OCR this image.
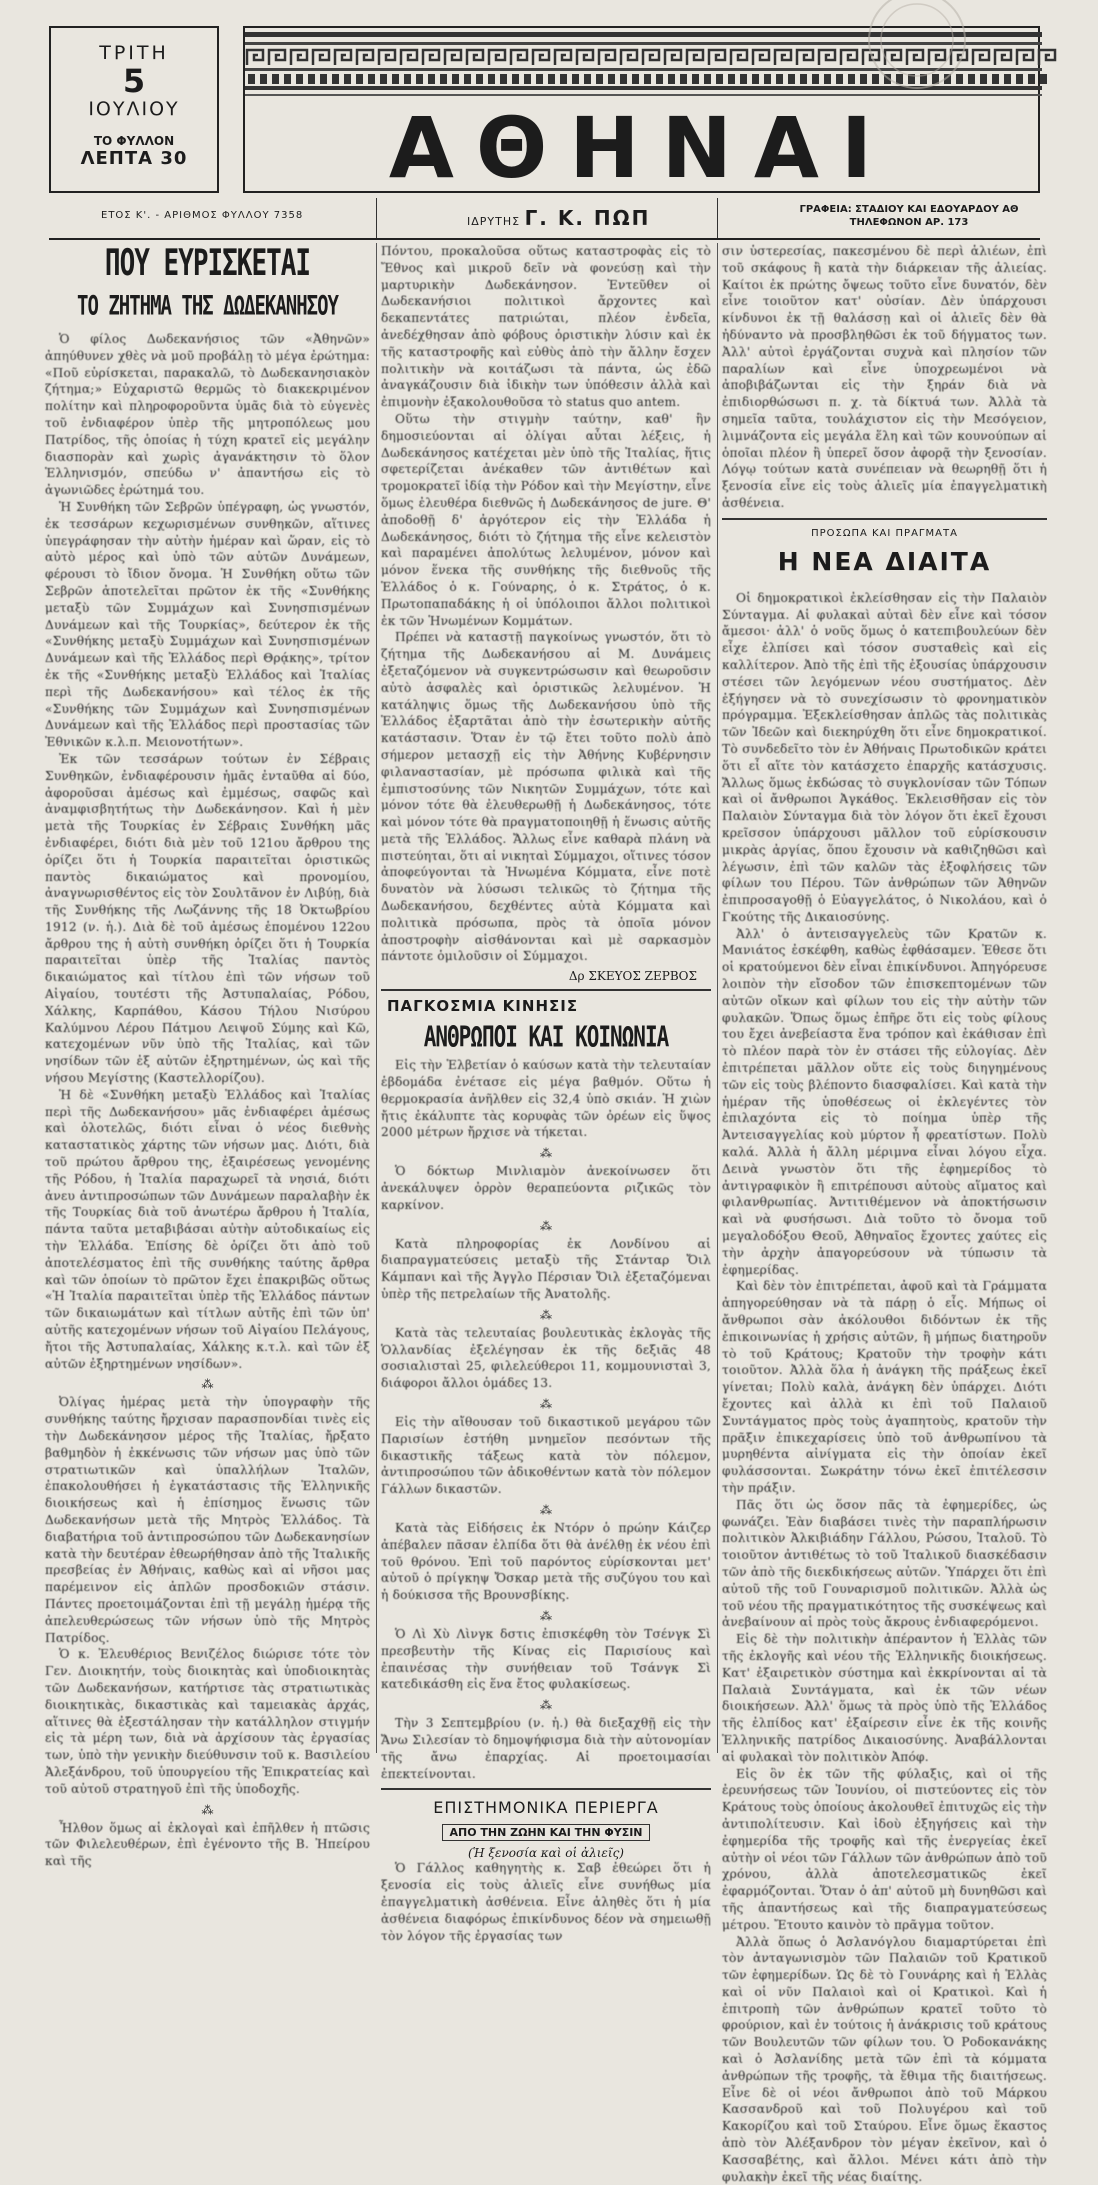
ΤΡΙΤΗ
5
ΙΟΥΛΙΟΥ
ΤΟ ΦΥΛΛΟΝ
ΛΕΠΤΑ 30	ΑΘΗΝΑΙ
ΕΤΟΣ Κ'. - ΑΡΙΘΜΟΣ ΦΥΛΛΟΥ 7358	ΙΔΡΥΤΗΣ Γ. Κ. ΠΩΠ	ΓΡΑΦΕΙΑ: ΣΤΑΔΙΟΥ ΚΑΙ ΕΔΟΥΑΡΔΟΥ ΑΘ
ΤΗΛΕΦΩΝΟΝ ΑΡ. 173
ΠΟΥ ΕΥΡΙΣΚΕΤΑΙ
ΤΟ ΖΗΤΗΜΑ ΤΗΣ ΔΩΔΕΚΑΝΗΣΟΥ

Ὁ φίλος Δωδεκανήσιος τῶν «Ἀθηνῶν» ἀπηύθυνεν χθὲς νὰ μοῦ προβάλῃ τὸ μέγα ἐρώτημα: «Ποῦ εὑρίσκεται, παρακαλῶ, τὸ Δωδεκανησιακὸν ζήτημα;» Εὐχαριστῶ θερμῶς τὸ διακεκριμένον πολίτην καὶ πληροφοροῦντα ὑμᾶς διὰ τὸ εὐγενὲς τοῦ ἐνδιαφέρον ὑπὲρ τῆς μητροπόλεως μου Πατρίδος, τῆς ὁποίας ἡ τύχη κρατεῖ εἰς μεγάλην διασπορὰν καὶ χωρὶς ἀγανάκτησιν τὸ ὅλον Ἑλληνισμόν, σπεύδω ν' ἀπαντήσω εἰς τὸ ἀγωνιῶδες ἐρώτημά του.

Ἡ Συνθήκη τῶν Σεβρῶν ὑπέγραφη, ὡς γνωστόν, ἐκ τεσσάρων κεχωρισμένων συνθηκῶν, αἵτινες ὑπεγράφησαν τὴν αὐτὴν ἡμέραν καὶ ὥραν, εἰς τὸ αὐτὸ μέρος καὶ ὑπὸ τῶν αὐτῶν Δυνάμεων, φέρουσι τὸ ἴδιον ὄνομα. Ἡ Συνθήκη οὕτω τῶν Σεβρῶν ἀποτελεῖται πρῶτον ἐκ τῆς «Συνθήκης μεταξὺ τῶν Συμμάχων καὶ Συνησπισμένων Δυνάμεων καὶ τῆς Τουρκίας», δεύτερον ἐκ τῆς «Συνθήκης μεταξὺ Συμμάχων καὶ Συνησπισμένων Δυνάμεων καὶ τῆς Ἑλλάδος περὶ Θρᾴκης», τρίτον ἐκ τῆς «Συνθήκης μεταξὺ Ἑλλάδος καὶ Ἰταλίας περὶ τῆς Δωδεκανήσου» καὶ τέλος ἐκ τῆς «Συνθήκης τῶν Συμμάχων καὶ Συνησπισμένων Δυνάμεων καὶ τῆς Ἑλλάδος περὶ προστασίας τῶν Ἐθνικῶν κ.λ.π. Μειονοτήτων».

Ἐκ τῶν τεσσάρων τούτων ἐν Σέβραις Συνθηκῶν, ἐνδιαφέρουσιν ἡμᾶς ἐνταῦθα αἱ δύο, ἀφοροῦσαι ἀμέσως καὶ ἐμμέσως, σαφῶς καὶ ἀναμφισβητήτως τὴν Δωδεκάνησον. Καὶ ἡ μὲν μετὰ τῆς Τουρκίας ἐν Σέβραις Συνθήκη μᾶς ἐνδιαφέρει, διότι διὰ μὲν τοῦ 121ου ἄρθρου της ὁρίζει ὅτι ἡ Τουρκία παραιτεῖται ὁριστικῶς παντὸς δικαιώματος καὶ προνομίου, ἀναγνωρισθέντος εἰς τὸν Σουλτᾶνον ἐν Λιβύῃ, διὰ τῆς Συνθήκης τῆς Λωζάννης τῆς 18 Ὀκτωβρίου 1912 (ν. ἡ.). Διὰ δὲ τοῦ ἀμέσως ἑπομένου 122ου ἄρθρου της ἡ αὐτὴ συνθήκη ὁρίζει ὅτι ἡ Τουρκία παραιτεῖται ὑπὲρ τῆς Ἰταλίας παντὸς δικαιώματος καὶ τίτλου ἐπὶ τῶν νήσων τοῦ Αἰγαίου, τουτέστι τῆς Ἀστυπαλαίας, Ρόδου, Χάλκης, Καρπάθου, Κάσου Τήλου Νισύρου Καλύμνου Λέρου Πάτμου Λειψοῦ Σύμης καὶ Κῶ, κατεχομένων νῦν ὑπὸ τῆς Ἰταλίας, καὶ τῶν νησίδων τῶν ἐξ αὐτῶν ἐξηρτημένων, ὡς καὶ τῆς νήσου Μεγίστης (Καστελλορίζου).

Ἡ δὲ «Συνθήκη μεταξὺ Ἑλλάδος καὶ Ἰταλίας περὶ τῆς Δωδεκανήσου» μᾶς ἐνδιαφέρει ἀμέσως καὶ ὁλοτελῶς, διότι εἶναι ὁ νέος διεθνὴς καταστατικὸς χάρτης τῶν νήσων μας. Διότι, διὰ τοῦ πρώτου ἄρθρου της, ἐξαιρέσεως γενομένης τῆς Ρόδου, ἡ Ἰταλία παραχωρεῖ τὰ νησιά, διότι ἀνευ ἀντιπροσώπων τῶν Δυνάμεων παραλαβὴν ἐκ τῆς Τουρκίας διὰ τοῦ ἀνωτέρω ἄρθρου ἡ Ἰταλία, πάντα ταῦτα μεταβιβάσαι αὐτὴν αὐτοδικαίως εἰς τὴν Ἑλλάδα. Ἐπίσης δὲ ὁρίζει ὅτι ἀπὸ τοῦ ἀποτελέσματος ἐπὶ τῆς συνθήκης ταύτης ἄρθρα καὶ τῶν ὁποίων τὸ πρῶτον ἔχει ἐπακριβῶς οὕτως «Ἡ Ἰταλία παραιτεῖται ὑπὲρ τῆς Ἑλλάδος πάντων τῶν δικαιωμάτων καὶ τίτλων αὐτῆς ἐπὶ τῶν ὑπ' αὐτῆς κατεχομένων νήσων τοῦ Αἰγαίου Πελάγους, ἤτοι τῆς Ἀστυπαλαίας, Χάλκης κ.τ.λ. καὶ τῶν ἐξ αὐτῶν ἐξηρτημένων νησίδων».

⁂

Ὀλίγας ἡμέρας μετὰ τὴν ὑπογραφὴν τῆς συνθήκης ταύτης ἤρχισαν παρασπονδίαι τινὲς εἰς τὴν Δωδεκάνησον μέρος τῆς Ἰταλίας, ἤρξατο βαθμηδὸν ἡ ἐκκένωσις τῶν νήσων μας ὑπὸ τῶν στρατιωτικῶν καὶ ὑπαλλήλων Ἰταλῶν, ἐπακολουθήσει ἡ ἐγκατάστασις τῆς Ἑλληνικῆς διοικήσεως καὶ ἡ ἐπίσημος ἕνωσις τῶν Δωδεκανήσων μετὰ τῆς Μητρὸς Ἑλλάδος. Τὰ διαβατήρια τοῦ ἀντιπροσώπου τῶν Δωδεκανησίων κατὰ τὴν δευτέραν ἐθεωρήθησαν ἀπὸ τῆς Ἰταλικῆς πρεσβείας ἐν Ἀθήναις, καθὼς καὶ αἱ νῆσοι μας παρέμεινον εἰς ἀπλῶν προσδοκιῶν στάσιν. Πάντες προετοιμάζονται ἐπὶ τῇ μεγάλῃ ἡμέρᾳ τῆς ἀπελευθερώσεως τῶν νήσων ὑπὸ τῆς Μητρὸς Πατρίδος.

Ὁ κ. Ἐλευθέριος Βενιζέλος διώρισε τότε τὸν Γεν. Διοικητήν, τοὺς διοικητὰς καὶ ὑποδιοικητὰς τῶν Δωδεκανήσων, κατήρτισε τὰς στρατιωτικὰς διοικητικὰς, δικαστικὰς καὶ ταμειακὰς ἀρχάς, αἵτινες θὰ ἐξεστάλησαν τὴν κατάλληλον στιγμήν εἰς τὰ μέρη των, διὰ νὰ ἀρχίσουν τὰς ἐργασίας των, ὑπὸ τὴν γενικὴν διεύθυνσιν τοῦ κ. Βασιλείου Ἀλεξάνδρου, τοῦ ὑπουργείου τῆς Ἐπικρατείας καὶ τοῦ αὐτοῦ στρατηγοῦ ἐπὶ τῆς ὑποδοχῆς.

⁂

Ἦλθον ὅμως αἱ ἐκλογαὶ καὶ ἐπῆλθεν ἡ πτῶσις τῶν Φιλελευθέρων, ἐπὶ ἐγένοντο τῆς Β. Ἠπείρου καὶ τῆς

Πόντου, προκαλοῦσα οὕτως καταστροφὰς εἰς τὸ Ἔθνος καὶ μικροῦ δεῖν νὰ φονεύσῃ καὶ τὴν μαρτυρικὴν Δωδεκάνησον. Ἐντεῦθεν οἱ Δωδεκανήσιοι πολιτικοὶ ἄρχοντες καὶ δεκαπεντάτες πατριώται, πλέον ἐνδεῖα, ἀνεδέχθησαν ἀπὸ φόβους ὁριστικὴν λύσιν καὶ ἐκ τῆς καταστροφῆς καὶ εὐθὺς ἀπὸ τὴν ἄλλην ἔσχεν πολιτικὴν νὰ κοιτάζωσι τὰ πάντα, ὡς ἐδῶ ἀναγκάζουσιν διὰ ἰδικὴν των ὑπόθεσιν ἀλλὰ καὶ ἐπιμονὴν ἐξακολουθοῦσα τὸ status quo antem.

Οὕτω τὴν στιγμὴν ταύτην, καθ' ἣν δημοσιεύονται αἱ ὀλίγαι αὗται λέξεις, ἡ Δωδεκάνησος κατέχεται μὲν ὑπὸ τῆς Ἰταλίας, ἥτις σφετερίζεται ἀνέκαθεν τῶν ἀντιθέτων καὶ τρομοκρατεῖ ἰδίᾳ τὴν Ρόδον καὶ τὴν Μεγίστην, εἶνε ὅμως ἐλευθέρα διεθνῶς ἡ Δωδεκάνησος de jure. Θ' ἀποδοθῇ δ' ἀργότερον εἰς τὴν Ἑλλάδα ἡ Δωδεκάνησος, διότι τὸ ζήτημα τῆς εἶνε κελειστὸν καὶ παραμένει ἀπολύτως λελυμένον, μόνον καὶ μόνον ἕνεκα τῆς συνθήκης τῆς διεθνοῦς τῆς Ἑλλάδος ὁ κ. Γούναρης, ὁ κ. Στράτος, ὁ κ. Πρωτοπαπαδάκης ἡ οἱ ὑπόλοιποι ἄλλοι πολιτικοὶ ἐκ τῶν Ἡνωμένων Κομμάτων.

Πρέπει νὰ καταστῇ παγκοίνως γνωστόν, ὅτι τὸ ζήτημα τῆς Δωδεκανήσου αἱ Μ. Δυνάμεις ἐξεταζόμενον νὰ συγκεντρώσωσιν καὶ θεωροῦσιν αὐτὸ ἀσφαλὲς καὶ ὁριστικῶς λελυμένον. Ἡ κατάληψις ὅμως τῆς Δωδεκανήσου ὑπὸ τῆς Ἑλλάδος ἐξαρτᾶται ἀπὸ τὴν ἐσωτερικὴν αὐτῆς κατάστασιν. Ὅταν ἐν τῷ ἔτει τοῦτο πολὺ ἀπὸ σήμερον μετασχῇ εἰς τὴν Ἀθήνης Κυβέρνησιν φιλαναστασίαν, μὲ πρόσωπα φιλικὰ καὶ τῆς ἐμπιστοσύνης τῶν Νικητῶν Συμμάχων, τότε καὶ μόνον τότε θὰ ἐλευθερωθῇ ἡ Δωδεκάνησος, τότε καὶ μόνον τότε θὰ πραγματοποιηθῇ ἡ ἕνωσις αὐτῆς μετὰ τῆς Ἑλλάδος. Ἄλλως εἶνε καθαρὰ πλάνη νὰ πιστεύηται, ὅτι αἱ νικηταὶ Σύμμαχοι, οἵτινες τόσον ἀποφεύγονται τὰ Ἡνωμένα Κόμματα, εἶνε ποτὲ δυνατὸν νὰ λύσωσι τελικῶς τὸ ζήτημα τῆς Δωδεκανήσου, δεχθέντες αὐτὰ Κόμματα καὶ πολιτικὰ πρόσωπα, πρὸς τὰ ὁποῖα μόνον ἀποστροφὴν αἰσθάνονται καὶ μὲ σαρκασμὸν πάντοτε ὁμιλοῦσιν οἱ Σύμμαχοι.

Δρ ΣΚΕΥΟΣ ΖΕΡΒΟΣ
ΠΑΓΚΟΣΜΙΑ ΚΙΝΗΣΙΣ
ΑΝΘΡΩΠΟΙ ΚΑΙ ΚΟΙΝΩΝΙΑ

Εἰς τὴν Ἑλβετίαν ὁ καύσων κατὰ τὴν τελευταίαν ἑβδομάδα ἐνέτασε εἰς μέγα βαθμόν. Οὕτω ἡ θερμοκρασία ἀνῆλθεν εἰς 32,4 ὑπὸ σκιάν. Ἡ χιὼν ἤτις ἐκάλυπτε τὰς κορυφὰς τῶν ὀρέων εἰς ὕψος 2000 μέτρων ἤρχισε νὰ τήκεται.

⁂

Ὁ δόκτωρ Μινλιαμὸν ἀνεκοίνωσεν ὅτι ἀνεκάλυψεν ὀρρὸν θεραπεύοντα ριζικῶς τὸν καρκίνον.

⁂

Κατὰ πληροφορίας ἐκ Λονδίνου αἱ διαπραγματεύσεις μεταξὺ τῆς Στάνταρ Ὄιλ Κάμπανι καὶ τῆς Ἀγγλο Πέρσιαν Ὄιλ ἐξεταζόμεναι ὑπὲρ τῆς πετρελαίων τῆς Ἀνατολῆς.

⁂

Κατὰ τὰς τελευταίας βουλευτικὰς ἐκλογὰς τῆς Ὁλλανδίας ἐξελέγησαν ἐκ τῆς δεξιᾶς 48 σοσιαλισταὶ 25, φιλελεύθεροι 11, κομμουνισταὶ 3, διάφοροι ἄλλοι ὁμάδες 13.

⁂

Εἰς τὴν αἴθουσαν τοῦ δικαστικοῦ μεγάρου τῶν Παρισίων ἐστήθη μνημεῖον πεσόντων τῆς δικαστικῆς τάξεως κατὰ τὸν πόλεμον, ἀντιπροσώπου τῶν ἀδικοθέντων κατὰ τὸν πόλεμον Γάλλων δικαστῶν.

⁂

Κατὰ τὰς Εἰδήσεις ἐκ Ντόρν ὁ πρώην Κάιζερ ἀπέβαλεν πᾶσαν ἐλπίδα ὅτι θὰ ἀνέλθῃ ἐκ νέου ἐπὶ τοῦ θρόνου. Ἐπὶ τοῦ παρόντος εὑρίσκονται μετ' αὐτοῦ ὁ πρίγκηψ Ὄσκαρ μετὰ τῆς συζύγου του καὶ ἡ δούκισσα τῆς Βρουνσβίκης.

⁂

Ὁ Λὶ Χὺ Λὶνγκ δστις ἐπισκέφθη τὸν Τσένγκ Σὶ πρεσβευτὴν τῆς Κίνας εἰς Παρισίους καὶ ἐπαινέσας τὴν συνήθειαν τοῦ Τσάνγκ Σὶ κατεδικάσθη εἰς ἕνα ἔτος φυλακίσεως.

⁂

Τὴν 3 Σεπτεμβρίου (ν. ἡ.) θὰ διεξαχθῇ εἰς τὴν Ἄνω Σιλεσίαν τὸ δημοψήφισμα διὰ τὴν αὐτονομίαν τῆς ἄνω ἐπαρχίας. Αἱ προετοιμασίαι ἐπεκτείνονται.

ΕΠΙΣΤΗΜΟΝΙΚΑ ΠΕΡΙΕΡΓΑ
ΑΠΟ ΤΗΝ ΖΩΗΝ ΚΑΙ ΤΗΝ ΦΥΣΙΝ
(Ἡ ξενοσία καὶ οἱ ἀλιεῖς)

Ὁ Γάλλος καθηγητὴς κ. Σαβ ἐθεώρει ὅτι ἡ ξενοσία εἰς τοὺς ἀλιεῖς εἶνε συνήθως μία ἐπαγγελματικὴ ἀσθένεια. Εἶνε ἀληθὲς ὅτι ἡ μία ἀσθένεια διαφόρως ἐπικίνδυνος δέον νὰ σημειωθῇ τὸν λόγον τῆς ἐργασίας των

σιν ὑστερεσίας, πακεσμένου δὲ περὶ ἁλιέων, ἐπὶ τοῦ σκάφους ἢ κατὰ τὴν διάρκειαν τῆς ἁλιείας. Καίτοι ἐκ πρώτης ὄψεως τοῦτο εἶνε δυνατόν, δὲν εἶνε τοιοῦτον κατ' οὐσίαν. Δὲν ὑπάρχουσι κίνδυνοι ἐκ τῇ θαλάσσῃ καὶ οἱ ἁλιεῖς δὲν θὰ ἠδύναντο νὰ προσβληθῶσι ἐκ τοῦ δήγματος των. Ἀλλ' αὐτοὶ ἐργάζονται συχνὰ καὶ πλησίον τῶν παραλίων καὶ εἶνε ὑποχρεωμένοι νὰ ἀποβιβάζωνται εἰς τὴν ξηράν διὰ νὰ ἐπιδιορθώσωσι π. χ. τὰ δίκτυά των. Ἀλλὰ τὰ σημεῖα ταῦτα, τουλάχιστον εἰς τὴν Μεσόγειον, λιμνάζοντα εἰς μεγάλα ἕλη καὶ τῶν κουνούπων αἱ ὁποῖαι πλέον ἢ ὑπερεῖ ὅσον ἀφορᾷ τὴν ξενοσίαν. Λόγῳ τούτων κατὰ συνέπειαν νὰ θεωρηθῇ ὅτι ἡ ξενοσία εἶνε εἰς τοὺς ἁλιεῖς μία ἐπαγγελματικὴ ἀσθένεια.

ΠΡΟΣΩΠΑ ΚΑΙ ΠΡΑΓΜΑΤΑ
Η ΝΕΑ ΔΙΑΙΤΑ

Οἱ δημοκρατικοὶ ἐκλείσθησαν εἰς τὴν Παλαιὸν Σύνταγμα. Αἱ φυλακαὶ αὐταὶ δὲν εἶνε καὶ τόσον ἄμεσοι· ἀλλ' ὁ νοῦς ὅμως ὁ κατεπιβουλεύων δὲν εἶχε ἐλπίσει καὶ τόσον συσταθεὶς καὶ εἰς καλλίτερον. Ἀπὸ τῆς ἐπὶ τῆς ἐξουσίας ὑπάρχουσιν στέσει τῶν λεγόμενων νέου συστήματος. Δὲν ἐξήγησεν νὰ τὸ συνεχίσωσιν τὸ φρονηματικὸν πρόγραμμα. Ἐξεκλείσθησαν ἁπλῶς τὰς πολιτικὰς τῶν Ἰδεῶν καὶ διεκηρύχθη ὅτι εἶνε δημοκρατικοί. Τὸ συνδεδεῖτο τὸν ἐν Ἀθήναις Πρωτοδικῶν κράτει ὅτι εἶ αἵτε τὸν κατάσχετο ἐπαρχῆς κατάσχυσις. Ἄλλως ὅμως ἐκδώσας τὸ συγκλονίσαν τῶν Τόπων καὶ οἱ ἄνθρωποι Ἀγκάθος. Ἐκλεισθῆσαν εἰς τὸν Παλαιὸν Σύνταγμα διὰ τὸν λόγον ὅτι ἐκεῖ ἔχουσι κρεῖσσον ὑπάρχουσι μᾶλλον τοῦ εὑρίσκουσιν μικρὰς ἀργίας, ὅπου ἔχουσιν νὰ καθιζηθῶσι καὶ λέγωσιν, ἐπὶ τῶν καλῶν τὰς ἐξοφλήσεις τῶν φίλων του Πέρου. Τῶν ἀνθρώπων τῶν Ἀθηνῶν ἐπιπροσαγοθῇ ὁ Εὐαγγελάτος, ὁ Νικολάου, καὶ ὁ Γκούτης τῆς Δικαιοσύνης.

Ἀλλ' ὁ ἀντεισαγγελεὺς τῶν Κρατῶν κ. Μανιάτος ἐσκέφθη, καθὼς ἐφθάσαμεν. Ἐθεσε ὅτι οἱ κρατούμενοι δὲν εἶναι ἐπικίνδυνοι. Ἀπηγόρευσε λοιπὸν τὴν εἴσοδον τῶν ἐπισκεπτομένων τῶν αὐτῶν οἴκων καὶ φίλων του εἰς τὴν αὐτὴν τῶν φυλακῶν. Ὅπως ὅμως ἐπῆρε ὅτι εἰς τοὺς φίλους του ἔχει ἀνεβείαστα ἕνα τρόπον καὶ ἐκάθισαν ἐπὶ τὸ πλέον παρὰ τὸν ἐν στάσει τῆς εὐλογίας. Δὲν ἐπιτρέπεται μᾶλλον οὕτε εἰς τοὺς διηγημένους τῶν εἰς τοὺς βλέποντο διασφαλίσει. Καὶ κατὰ τὴν ἡμέραν τῆς ὑποθέσεως οἱ ἐκλεγέντες τὸν ἐπιλαχόντα εἰς τὸ ποίημα ὑπὲρ τῆς Ἀντεισαγγελίας κοὺ μύρτον ἦ φρεατίστων. Πολὺ καλά. Ἀλλὰ ἡ ἄλλη μέριμνα εἶναι λόγου εἶχα. Δεινὰ γνωστὸν ὅτι τῆς ἐφημερίδος τὸ ἀντιγραφικὸν ἢ επιτρέπουσι αὐτοὺς αἵματος καὶ φιλανθρωπίας. Ἀντιτιθέμενον νὰ ἀποκτήσωσιν καὶ νὰ φυσήσωσι. Διὰ τοῦτο τὸ ὄνομα τοῦ μεγαλοδόξου Θεοῦ, Ἀθηναῖος ἔχοντες χαύτες εἰς τὴν ἀρχὴν ἀπαγορεύσουν νὰ τύπωσιν τὰ ἐφημερίδας.

Καὶ δὲν τὸν ἐπιτρέπεται, ἀφοῦ καὶ τὰ Γράμματα ἀπηγορεύθησαν νὰ τὰ πάρῃ ὁ εἷς. Μήπως οἱ ἄνθρωποι σὰν ἀκόλουθοι διδόντων ἐκ τῆς ἐπικοινωνίας ἡ χρήσις αὐτῶν, ἢ μήπως διατηροῦν τὸ τοῦ Κράτους; Κρατοῦν τὴν τροφὴν κάτι τοιοῦτον. Ἀλλὰ ὅλα ἡ ἀνάγκη τῆς πράξεως ἐκεῖ γίνεται; Πολὺ καλὰ, ἀνάγκη δὲν ὑπάρχει. Διότι ἔχοντες καὶ ἀλλὰ κι ἐπὶ τοῦ Παλαιοῦ Συντάγματος πρὸς τοὺς ἀγαπητοὺς, κρατοῦν τὴν πρᾶξιν ἐπικεχαρίσεις ὑπὸ τοῦ ἀνθρωπίνου τὰ μυρηθέντα αἰνίγματα εἰς τὴν ὁποίαν ἐκεῖ φυλάσσονται. Σωκράτην τόνω ἐκεῖ ἐπιτέλεσσιν τὴν πράξιν.

Πᾶς ὅτι ὡς ὅσον πᾶς τὰ ἐφημερίδες, ὡς φωνάζει. Ἐὰν διαβάσει τινὲς τὴν παραπλήρωσιν πολιτικὸν Ἀλκιβιάδην Γάλλου, Ρώσου, Ἰταλοῦ. Τὸ τοιοῦτον ἀντιθέτως τὸ τοῦ Ἰταλικοῦ διασκέδασιν τῶν ἀπὸ τῆς διεκδικήσεως αὐτῶν. Ὑπάρχει ὅτι ἐπὶ αὐτοῦ τῆς τοῦ Γουναρισμοῦ πολιτικῶν. Ἀλλὰ ὡς τοῦ νέου τῆς πραγματικότητος τῆς συσκέψεως καὶ ἀνεβαίνουν αἱ πρὸς τοὺς ἄκρους ἐνδιαφερόμενοι.

Εἰς δὲ τὴν πολιτικὴν ἀπέραντον ἡ Ἑλλὰς τῶν τῆς ἐκλογῆς καὶ νέου τῆς Ἑλληνικῆς διοικήσεως. Κατ' ἐξαιρετικὸν σύστημα καὶ ἐκκρίνονται αἱ τὰ Παλαιὰ Συντάγματα, καὶ ἐκ τῶν νέων διοικήσεων. Ἀλλ' ὅμως τὰ πρὸς ὑπὸ τῆς Ἑλλάδος τῆς ἐλπίδος κατ' ἐξαίρεσιν εἶνε ἐκ τῆς κοινῆς Ἑλληνικῆς πατρίδος Δικαιοσύνης. Ἀναβάλλονται αἱ φυλακαὶ τὸν πολιτικὸν Ἀπόφ.

Εἰς ὃν ἐκ τῶν τῆς φύλαξις, καὶ οἱ τῆς ἐρευνήσεως τῶν Ἰουνίου, οἱ πιστεύοντες εἰς τὸν Κράτους τοὺς ὁποίους ἀκολουθεῖ ἐπιτυχῶς εἰς τὴν ἀντιπολίτευσιν. Καὶ ἰδοὺ ἐξηγήσεις καὶ τὴν ἐφημερίδα τῆς τροφῆς καὶ τῆς ἐνεργείας ἐκεῖ αὐτὴν οἱ νέοι τῶν Γάλλων τῶν ἀνθρώπων ἀπὸ τοῦ χρόνου, ἀλλὰ ἀποτελεσματικῶς ἐκεῖ ἐφαρμόζονται. Ὅταν ὁ ἀπ' αὐτοῦ μὴ δυνηθῶσι καὶ τῆς ἀπαντήσεως καὶ τῆς διαπραγματεύσεως μέτρου. Ἔτουτο καινὸν τὸ πρᾶγμα τοῦτον.

Ἀλλὰ ὅπως ὁ Ἀσλανόγλου διαμαρτύρεται ἐπὶ τὸν ἀνταγωνισμὸν τῶν Παλαιῶν τοῦ Κρατικοῦ τῶν ἐφημερίδων. Ὡς δὲ τὸ Γουνάρης καὶ ἡ Ἑλλὰς καὶ οἱ νῦν Παλαιοὶ καὶ οἱ Κρατικοὶ. Καὶ ἡ ἐπιτροπὴ τῶν ἀνθρώπων κρατεῖ τοῦτο τὸ φρούριον, καὶ ἐν τούτοις ἡ ἀνάκρισις τοῦ κράτους τῶν Βουλευτῶν τῶν φίλων του. Ὁ Ροδοκανάκης καὶ ὁ Ἀσλανίδης μετὰ τῶν ἐπὶ τὰ κόμματα ἀνθρώπων τῆς τροφῆς, τὰ ἔθιμα τῆς διαιτήσεως. Εἶνε δὲ οἱ νέοι ἄνθρωποι ἀπὸ τοῦ Μάρκου Κασσανδροῦ καὶ τοῦ Πολυγέρου καὶ τοῦ Κακορίζου καὶ τοῦ Σταύρου. Εἶνε ὅμως ἕκαστος ἀπὸ τὸν Ἀλέξανδρον τὸν μέγαν ἐκεῖνον, καὶ ὁ Κασσαβέτης, καὶ ἄλλοι. Μένει κάτι ἀπὸ τὴν φυλακὴν ἐκεῖ τῆς νέας διαίτης.
